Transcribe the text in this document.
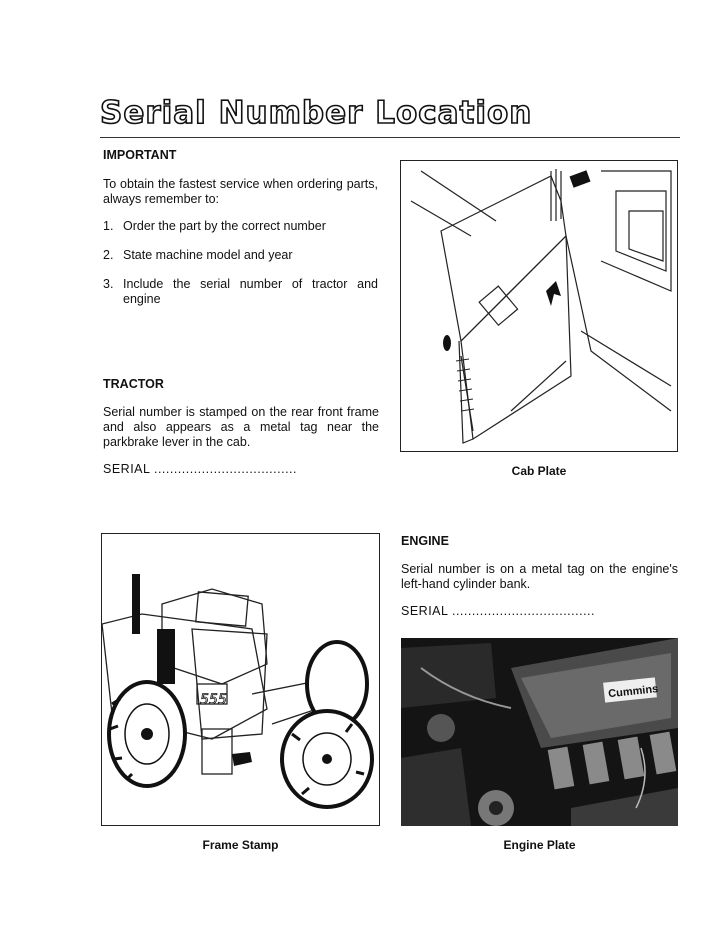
Serial Number Location
IMPORTANT
To obtain the fastest service when ordering parts, always remember to:
1. Order the part by the correct number
2. State machine model and year
3. Include the serial number of tractor and engine
TRACTOR
Serial number is stamped on the rear front frame and also appears as a metal tag near the parkbrake lever in the cab.
SERIAL ....................................	Cab Plate
555
Frame Stamp
ENGINE
Serial number is on a metal tag on the engine's left-hand cylinder bank.
SERIAL ....................................
Cummins
Engine Plate
